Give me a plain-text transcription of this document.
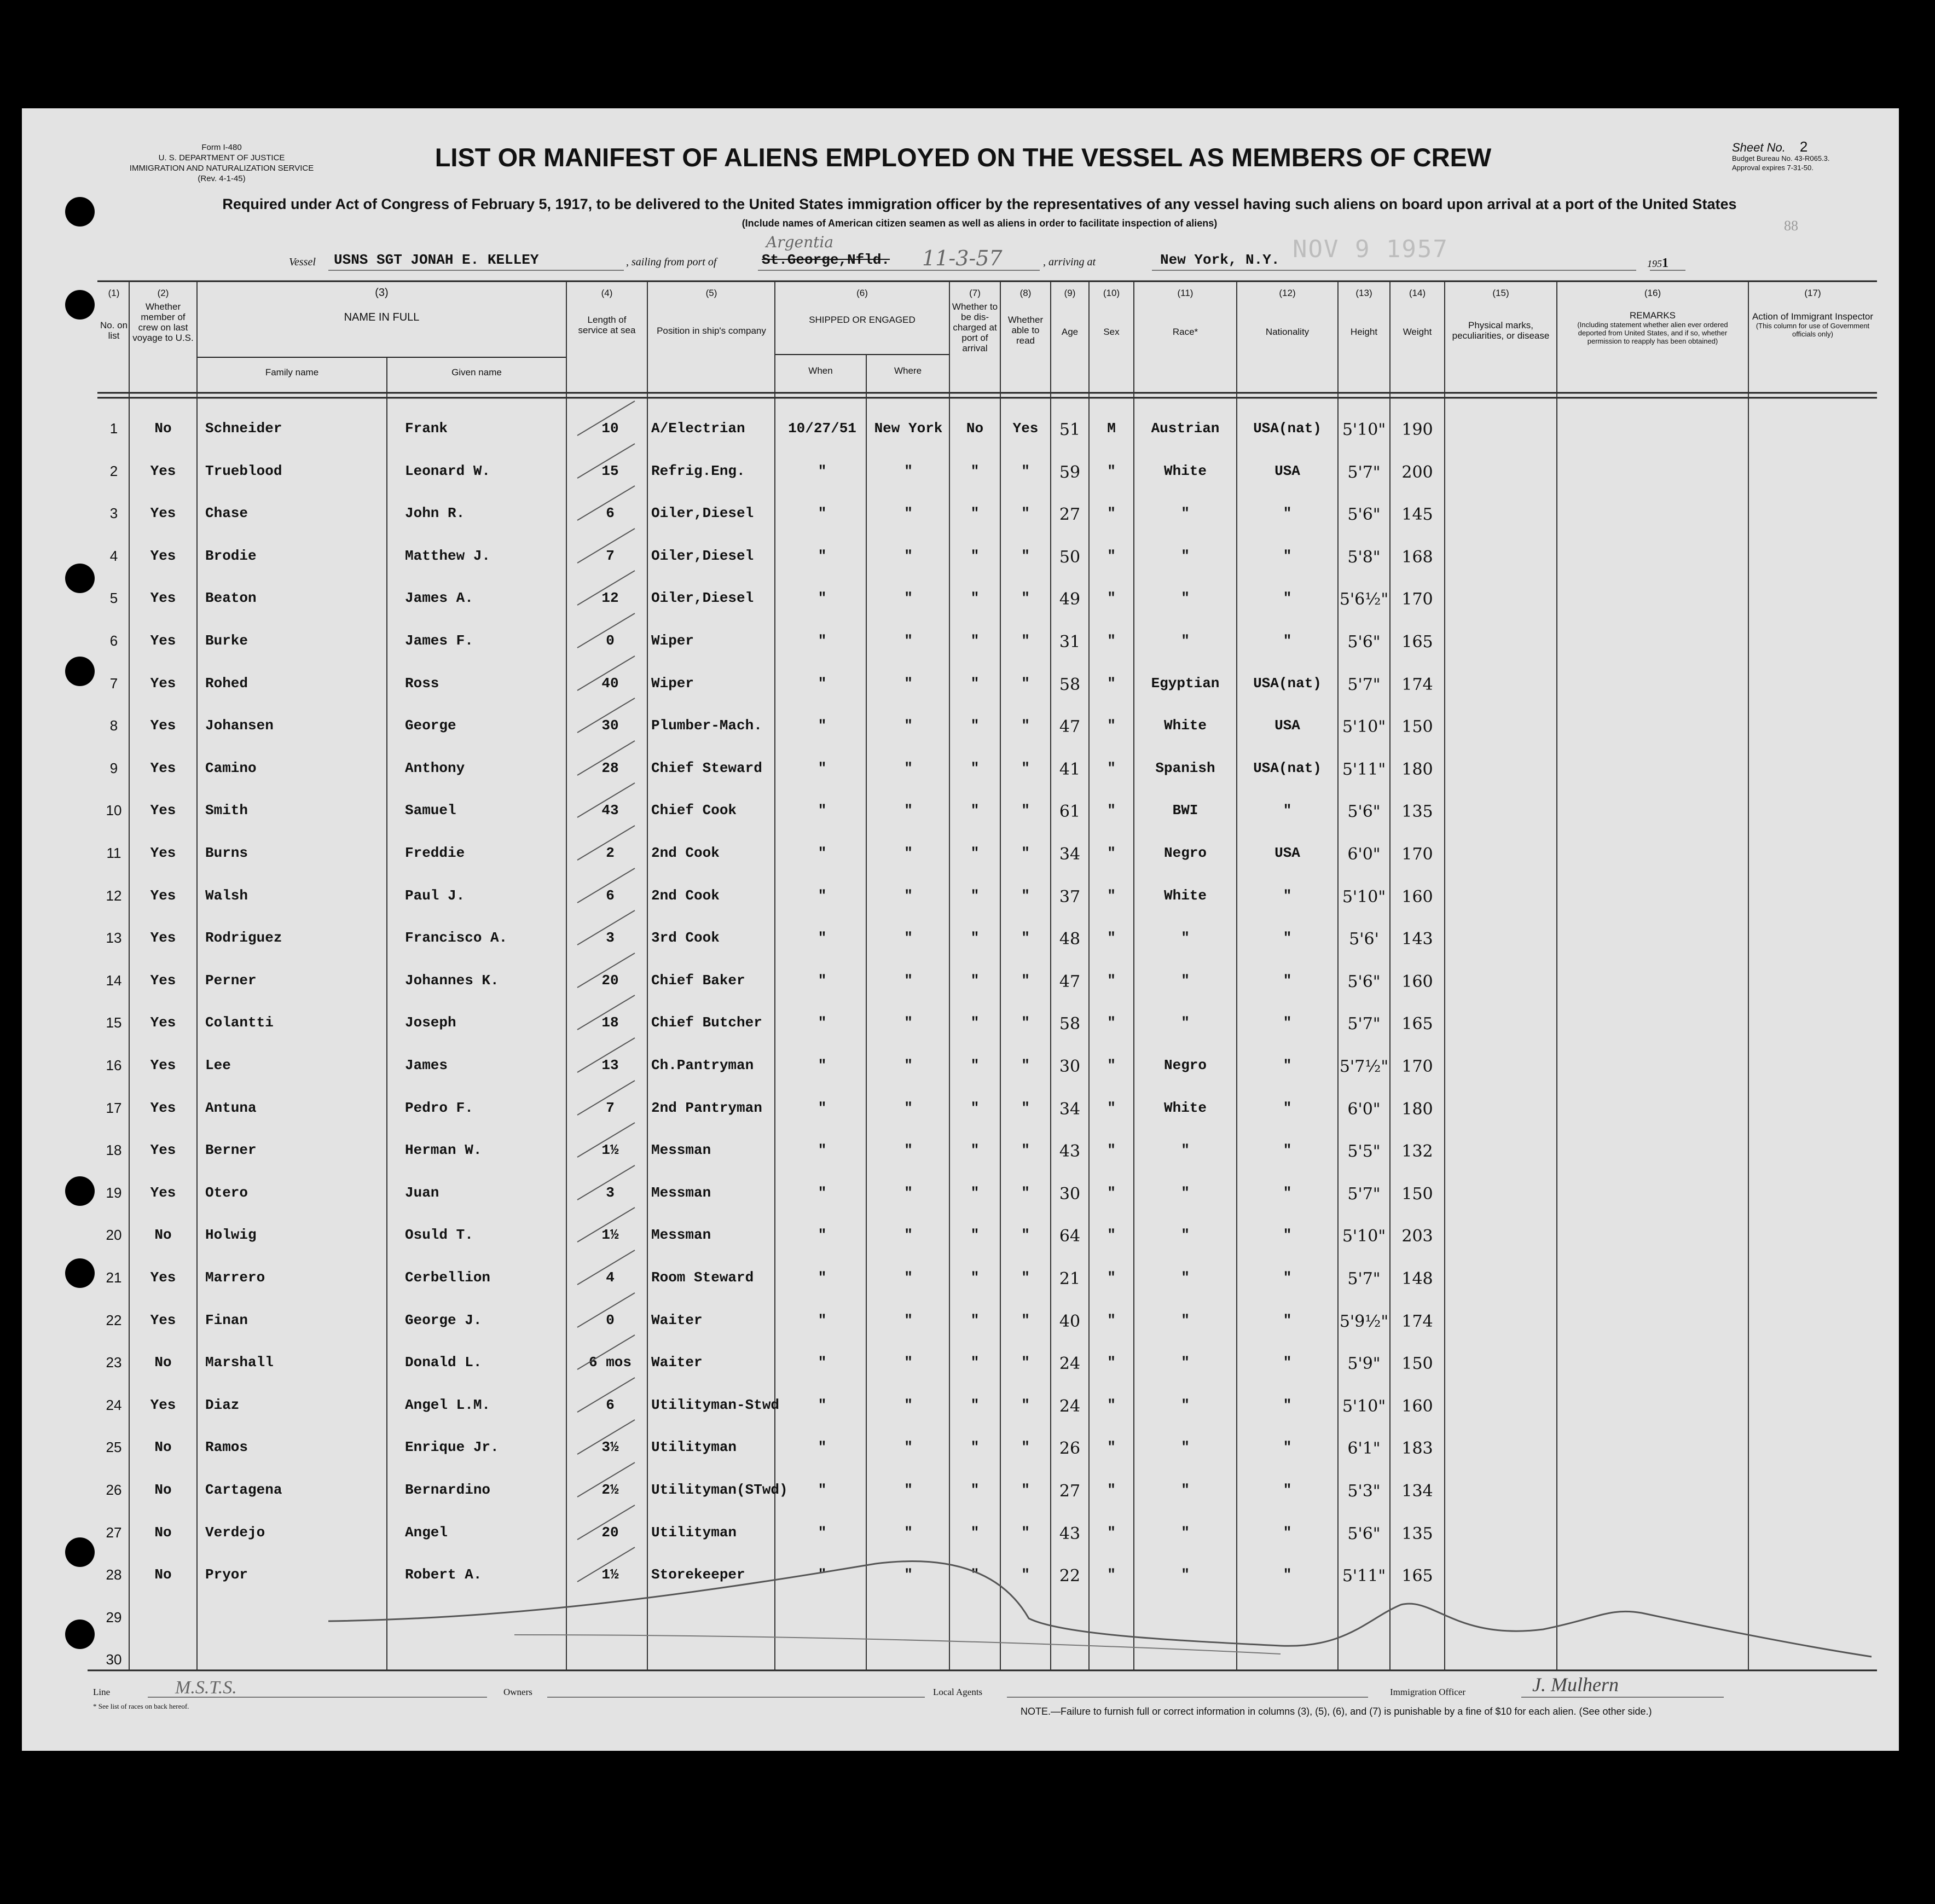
Form I-480
U. S. DEPARTMENT OF JUSTICE
IMMIGRATION AND NATURALIZATION SERVICE
(Rev. 4-1-45)
LIST OR MANIFEST OF ALIENS EMPLOYED ON THE VESSEL AS MEMBERS OF CREW	Sheet No. 2
Budget Bureau No. 43-R065.3.
Approval expires 7-31-50.
Required under Act of Congress of February 5, 1917, to be delivered to the United States immigration officer by the representatives of any vessel having such aliens on board upon arrival at a port of the United States
(Include names of American citizen seamen as well as aliens in order to facilitate inspection of aliens)	88
Vessel USNS SGT JONAH E. KELLEY	, sailing from port of
Argentia
St.George,Nfld. 11-3-57	, arriving at	New York, N.Y. NOV 9 1957
1951
(1)
No. on list
(2)
Whether member of crew on last voyage to U.S.
(3)
NAME IN FULL
Family name	Given name
(4)
Length of service at sea
(5)
Position in ship's company
(6)
SHIPPED OR ENGAGED
When	Where
(7)
Whether to be dis-charged at port of arrival
(8)
Whether able to read
(9)
Age
(10)
Sex
(11)
Race*
(12)
Nationality
(13)
Height
(14)
Weight
(15)
Physical marks, peculiarities, or disease
(16)
REMARKS
(Including statement whether alien ever ordered deported from United States, and if so, whether permission to reapply has been obtained)
(17)
Action of Immigrant Inspector
(This column for use of Government officials only)
1	No	Schneider	Frank	10	A/Electrian	10/27/51	New York	No	Yes	51	M	Austrian	USA(nat)	5'10" 190
2	Yes	Trueblood	Leonard W.	15	Refrig.Eng.	"	"	"	"	59	"	White	USA	5'7"	200
3	Yes	Chase	John R.	6	Oiler,Diesel	"	"	"	"	27	"	"	"	5'6"	145
4	Yes	Brodie	Matthew J.	7	Oiler,Diesel	"	"	"	"	50	"	"	"	5'8"	168
5	Yes	Beaton	James A.	12	Oiler,Diesel	"	"	"	"	49	"	"	"	5'6½" 170
6	Yes	Burke	James F.	0	Wiper	"	"	"	"	31	"	"	"	5'6"	165
7	Yes	Rohed	Ross	40	Wiper	"	"	"	"	58	"	Egyptian	USA(nat)	5'7"	174
8	Yes	Johansen	George	30	Plumber-Mach.	"	"	"	"	47	"	White	USA	5'10" 150
9	Yes	Camino	Anthony	28	Chief Steward	"	"	"	"	41	"	Spanish	USA(nat)	5'11" 180
10	Yes	Smith	Samuel	43	Chief Cook	"	"	"	"	61	"	BWI	"	5'6"	135
11	Yes	Burns	Freddie	2	2nd Cook	"	"	"	"	34	"	Negro	USA	6'0"	170
12	Yes	Walsh	Paul J.	6	2nd Cook	"	"	"	"	37	"	White	"	5'10" 160
13	Yes	Rodriguez	Francisco A.	3	3rd Cook	"	"	"	"	48	"	"	"	5'6'	143
14	Yes	Perner	Johannes K.	20	Chief Baker	"	"	"	"	47	"	"	"	5'6"	160
15	Yes	Colantti	Joseph	18	Chief Butcher	"	"	"	"	58	"	"	"	5'7"	165
16	Yes	Lee	James	13	Ch.Pantryman	"	"	"	"	30	"	Negro	"	5'7½" 170
17	Yes	Antuna	Pedro F.	7	2nd Pantryman	"	"	"	"	34	"	White	"	6'0"	180
18	Yes	Berner	Herman W.	1½	Messman	"	"	"	"	43	"	"	"	5'5"	132
19	Yes	Otero	Juan	3	Messman	"	"	"	"	30	"	"	"	5'7"	150
20	No	Holwig	Osuld T.	1½	Messman	"	"	"	"	64	"	"	"	5'10" 203
21	Yes	Marrero	Cerbellion	4	Room Steward	"	"	"	"	21	"	"	"	5'7"	148
22	Yes	Finan	George J.	0	Waiter	"	"	"	"	40	"	"	"	5'9½" 174
23	No	Marshall	Donald L.	6 mos	Waiter	"	"	"	"	24	"	"	"	5'9"	150
24	Yes	Diaz	Angel L.M.	6	Utilityman-Stwd	"	"	"	"	24	"	"	"	5'10" 160
25	No	Ramos	Enrique Jr.	3½	Utilityman	"	"	"	"	26	"	"	"	6'1"	183
26	No	Cartagena	Bernardino	2½	Utilityman(STwd)	"	"	"	"	27	"	"	"	5'3"	134
27	No	Verdejo	Angel	20	Utilityman	"	"	"	"	43	"	"	"	5'6"	135
28	No	Pryor	Robert A.	1½	Storekeeper	"	"	"	"	22	"	"	"	5'11" 165
29
30
Line	M.S.T.S.	Owners	Local Agents	Immigration Officer	J. Mulhern
* See list of races on back hereof.	NOTE.—Failure to furnish full or correct information in columns (3), (5), (6), and (7) is punishable by a fine of $10 for each alien. (See other side.)
